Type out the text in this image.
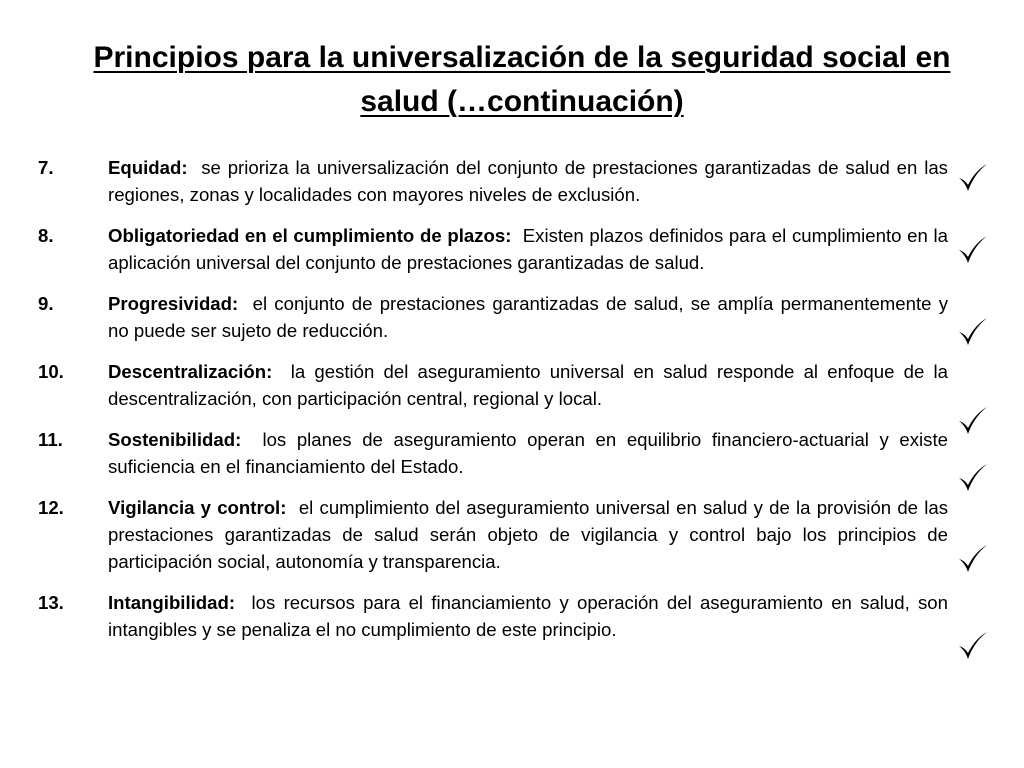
Principios para la universalización de la seguridad social en salud (…continuación)
7.	Equidad: se prioriza la universalización del conjunto de prestaciones garantizadas de salud en las regiones, zonas y localidades con mayores niveles de exclusión.
8.	Obligatoriedad en el cumplimiento de plazos: Existen plazos definidos para el cumplimiento en la aplicación universal del conjunto de prestaciones garantizadas de salud.
9.	Progresividad: el conjunto de prestaciones garantizadas de salud, se amplía permanentemente y no puede ser sujeto de reducción.
10. Descentralización: la gestión del aseguramiento universal en salud responde al enfoque de la descentralización, con participación central, regional y local.
11. Sostenibilidad: los planes de aseguramiento operan en equilibrio financiero-actuarial y existe suficiencia en el financiamiento del Estado.
12. Vigilancia y control: el cumplimiento del aseguramiento universal en salud y de la provisión de las prestaciones garantizadas de salud serán objeto de vigilancia y control bajo los principios de participación social, autonomía y transparencia.
13. Intangibilidad: los recursos para el financiamiento y operación del aseguramiento en salud, son intangibles y se penaliza el no cumplimiento de este principio.
